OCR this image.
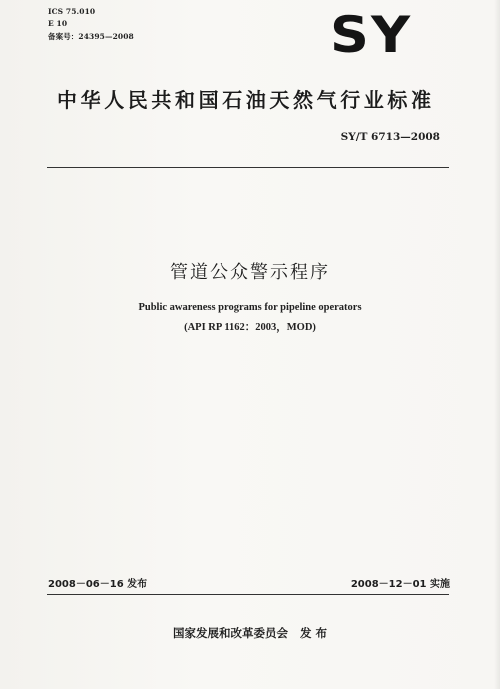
ICS 75.010
E 10
备案号：24395—2008	SY
中华人民共和国石油天然气行业标准
SY/T 6713—2008
管道公众警示程序
Public awareness programs for pipeline operators
(API RP 1162：2003，MOD)
2008－06－16 发布	2008－12－01 实施
国家发展和改革委员会   发 布
